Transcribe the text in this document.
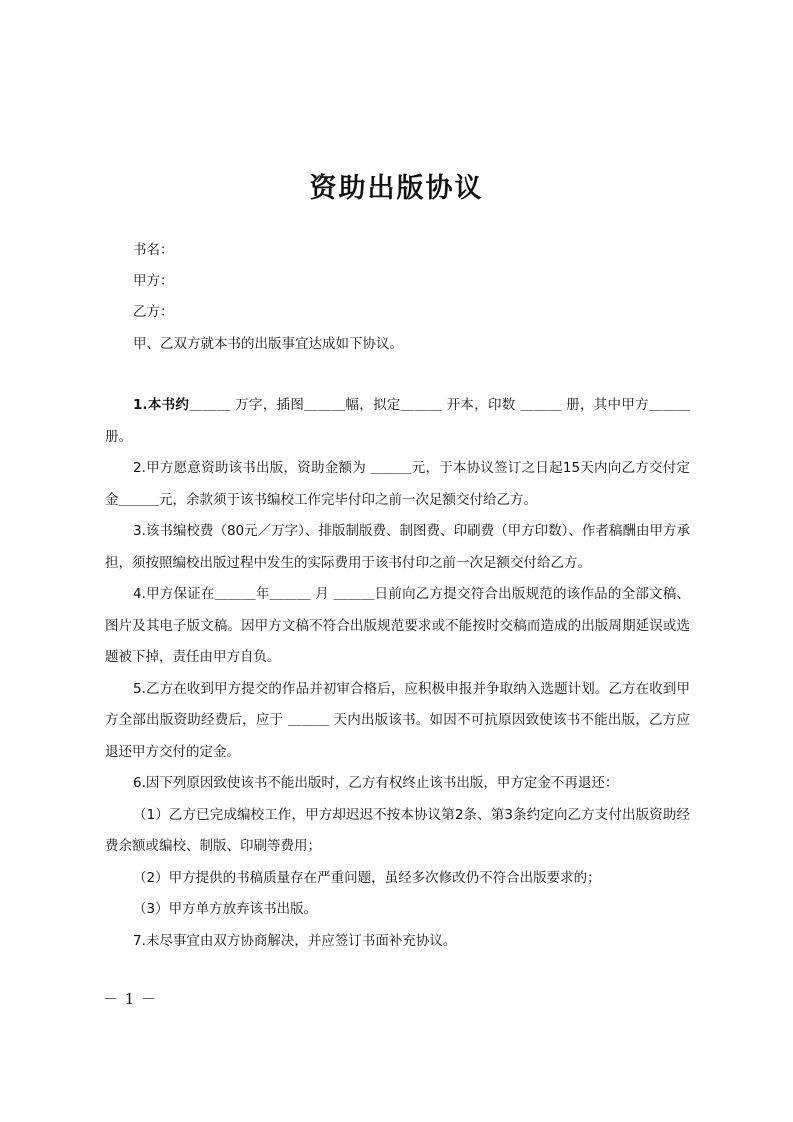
资助出版协议
书名：
甲方：
乙方：
甲、乙双方就本书的出版事宜达成如下协议。

1.本书约＿＿＿ 万字，插图＿＿＿幅，拟定＿＿＿ 开本，印数 ＿＿＿ 册，其中甲方＿＿＿ 册。

2.甲方愿意资助该书出版，资助金额为 ＿＿＿元，于本协议签订之日起15天内向乙方交付定金＿＿＿元，余款须于该书编校工作完毕付印之前一次足额交付给乙方。

3.该书编校费（80元／万字）、排版制版费、制图费、印刷费（甲方印数）、作者稿酬由甲方承担，须按照编校出版过程中发生的实际费用于该书付印之前一次足额交付给乙方。

4.甲方保证在＿＿＿年＿＿＿ 月 ＿＿＿日前向乙方提交符合出版规范的该作品的全部文稿、图片及其电子版文稿。因甲方文稿不符合出版规范要求或不能按时交稿而造成的出版周期延误或选题被下掉，责任由甲方自负。

5.乙方在收到甲方提交的作品并初审合格后，应积极申报并争取纳入选题计划。乙方在收到甲方全部出版资助经费后，应于 ＿＿＿ 天内出版该书。如因不可抗原因致使该书不能出版，乙方应退还甲方交付的定金。

6.因下列原因致使该书不能出版时，乙方有权终止该书出版，甲方定金不再退还：

（1）乙方已完成编校工作，甲方却迟迟不按本协议第2条、第3条约定向乙方支付出版资助经费余额或编校、制版、印刷等费用；

（2）甲方提供的书稿质量存在严重问题，虽经多次修改仍不符合出版要求的；

（3）甲方单方放弃该书出版。

7.未尽事宜由双方协商解决，并应签订书面补充协议。

－ 1 －
